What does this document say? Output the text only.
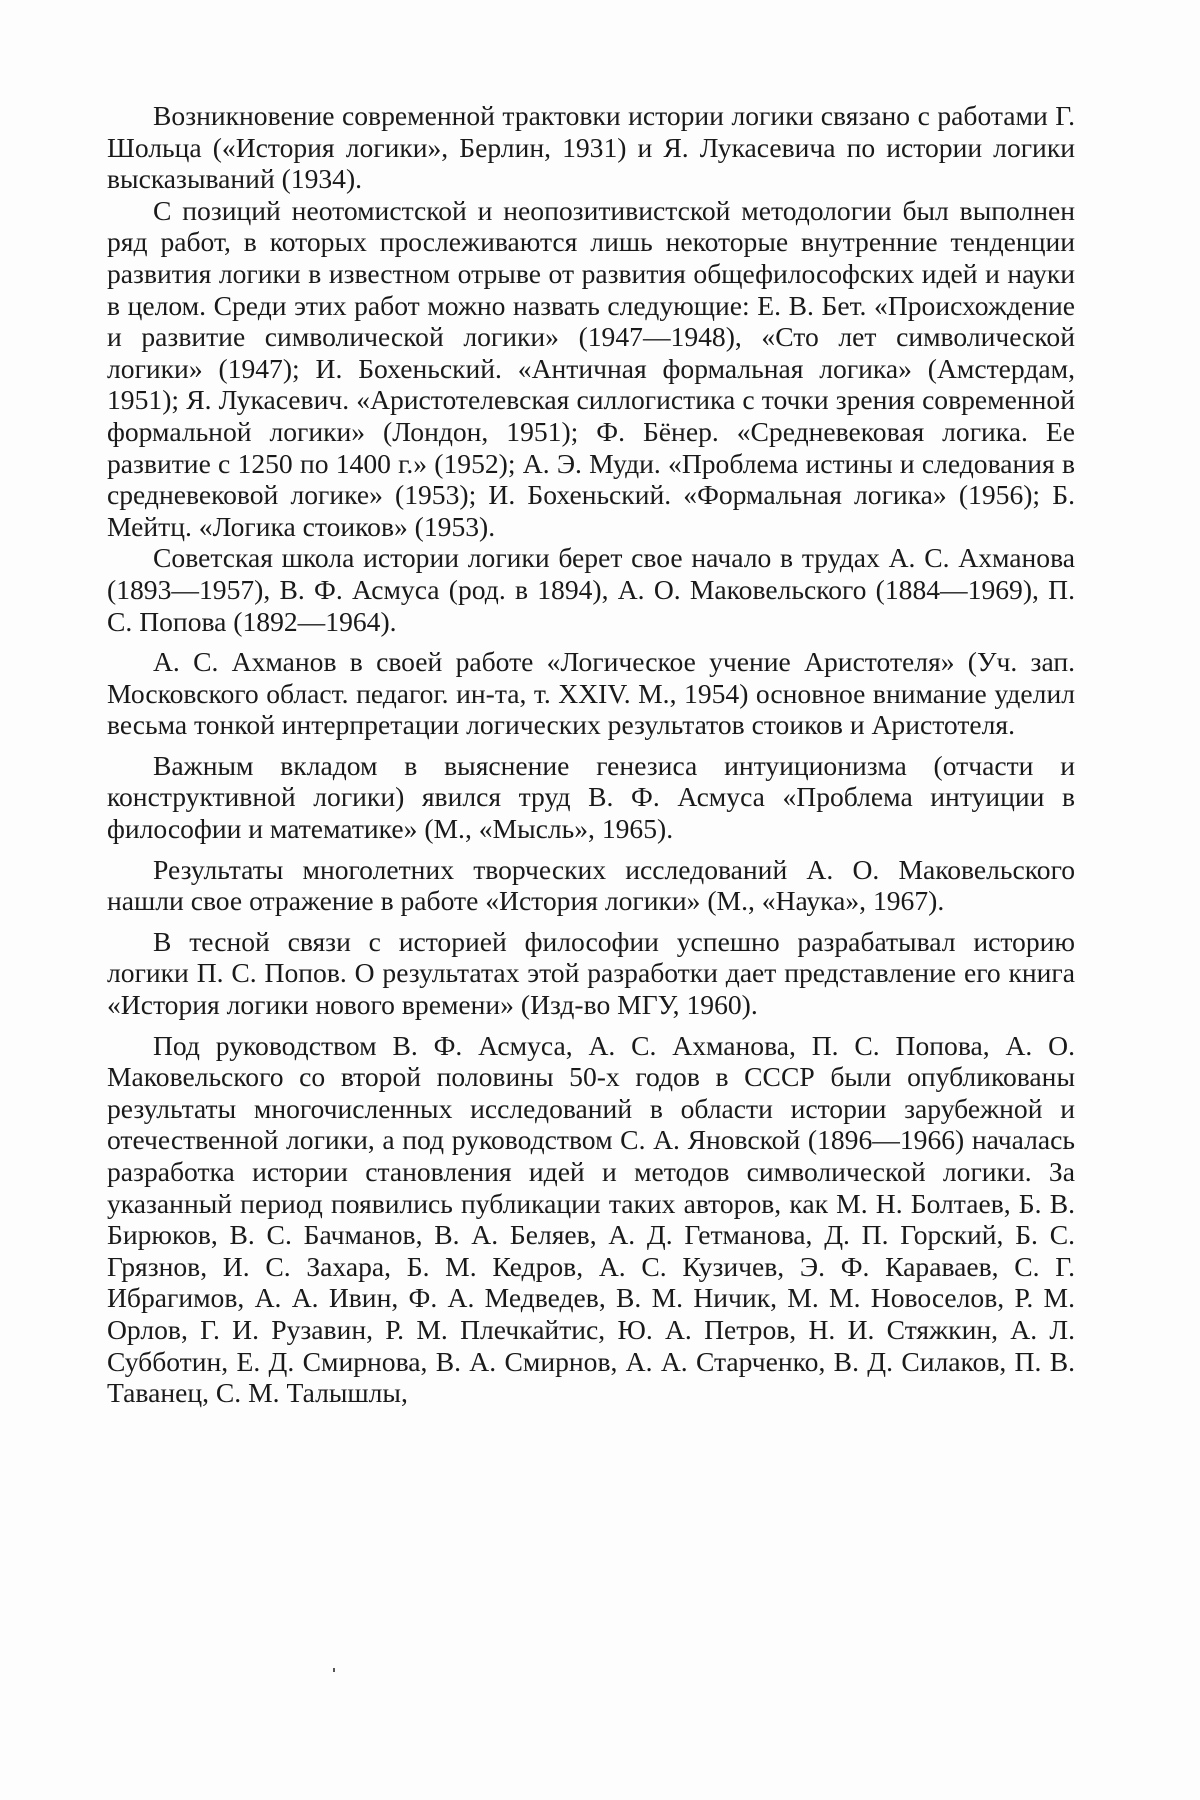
Возникновение современной трактовки истории логики связано с работами Г. Шольца («История логики», Берлин, 1931) и Я. Лукасевича по истории логики высказываний (1934).

С позиций неотомистской и неопозитивистской методологии был выполнен ряд работ, в которых прослеживаются лишь некоторые внутренние тенденции развития логики в известном отрыве от развития общефилософских идей и науки в целом. Среди этих работ можно назвать следующие: Е. В. Бет. «Происхождение и развитие символической логики» (1947—1948), «Сто лет символической логики» (1947); И. Бохеньский. «Античная формальная логика» (Амстердам, 1951); Я. Лукасевич. «Аристотелевская силлогистика с точки зрения современной формальной логики» (Лондон, 1951); Ф. Бёнер. «Средневековая логика. Ее развитие с 1250 по 1400 г.» (1952); А. Э. Муди. «Проблема истины и следования в средневековой логике» (1953); И. Бохеньский. «Формальная логика» (1956); Б. Мейтц. «Логика стоиков» (1953).

Советская школа истории логики берет свое начало в трудах А. С. Ахманова (1893—1957), В. Ф. Асмуса (род. в 1894), А. О. Маковельского (1884—1969), П. С. Попова (1892—1964).

А. С. Ахманов в своей работе «Логическое учение Аристотеля» (Уч. зап. Московского област. педагог. ин-та, т. XXIV. М., 1954) основное внимание уделил весьма тонкой интерпретации логических результатов стоиков и Аристотеля.

Важным вкладом в выяснение генезиса интуиционизма (отчасти и конструктивной логики) явился труд В. Ф. Асмуса «Проблема интуиции в философии и математике» (М., «Мысль», 1965).

Результаты многолетних творческих исследований А. О. Маковельского нашли свое отражение в работе «История логики» (М., «Наука», 1967).

В тесной связи с историей философии успешно разрабатывал историю логики П. С. Попов. О результатах этой разработки дает представление его книга «История логики нового времени» (Изд-во МГУ, 1960).

Под руководством В. Ф. Асмуса, А. С. Ахманова, П. С. Попова, А. О. Маковельского со второй половины 50-х годов в СССР были опубликованы результаты многочисленных исследований в области истории зарубежной и отечественной логики, а под руководством С. А. Яновской (1896—1966) началась разработка истории становления идей и методов символической логики. За указанный период появились публикации таких авторов, как М. Н. Болтаев, Б. В. Бирюков, В. С. Бачманов, В. А. Беляев, А. Д. Гетманова, Д. П. Горский, Б. С. Грязнов, И. С. Захара, Б. М. Кедров, А. С. Кузичев, Э. Ф. Караваев, С. Г. Ибрагимов, А. А. Ивин, Ф. А. Медведев, В. М. Ничик, М. М. Новоселов, Р. М. Орлов, Г. И. Рузавин, Р. М. Плечкайтис, Ю. А. Петров, Н. И. Стяжкин, А. Л. Субботин, Е. Д. Смирнова, В. А. Смирнов, А. А. Старченко, В. Д. Силаков, П. В. Таванец, С. М. Талышлы,
